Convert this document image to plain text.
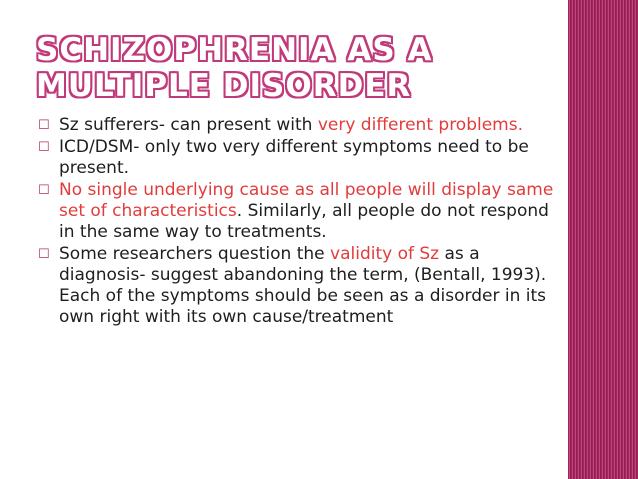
SCHIZOPHRENIA AS A MULTIPLE DISORDER
☐ Sz sufferers- can present with very different problems.
☐ ICD/DSM- only two very different symptoms need to be present.
☐ No single underlying cause as all people will display same set of characteristics. Similarly, all people do not respond in the same way to treatments.
☐ Some researchers question the validity of Sz as a diagnosis- suggest abandoning the term, (Bentall, 1993). Each of the symptoms should be seen as a disorder in its own right with its own cause/treatment
